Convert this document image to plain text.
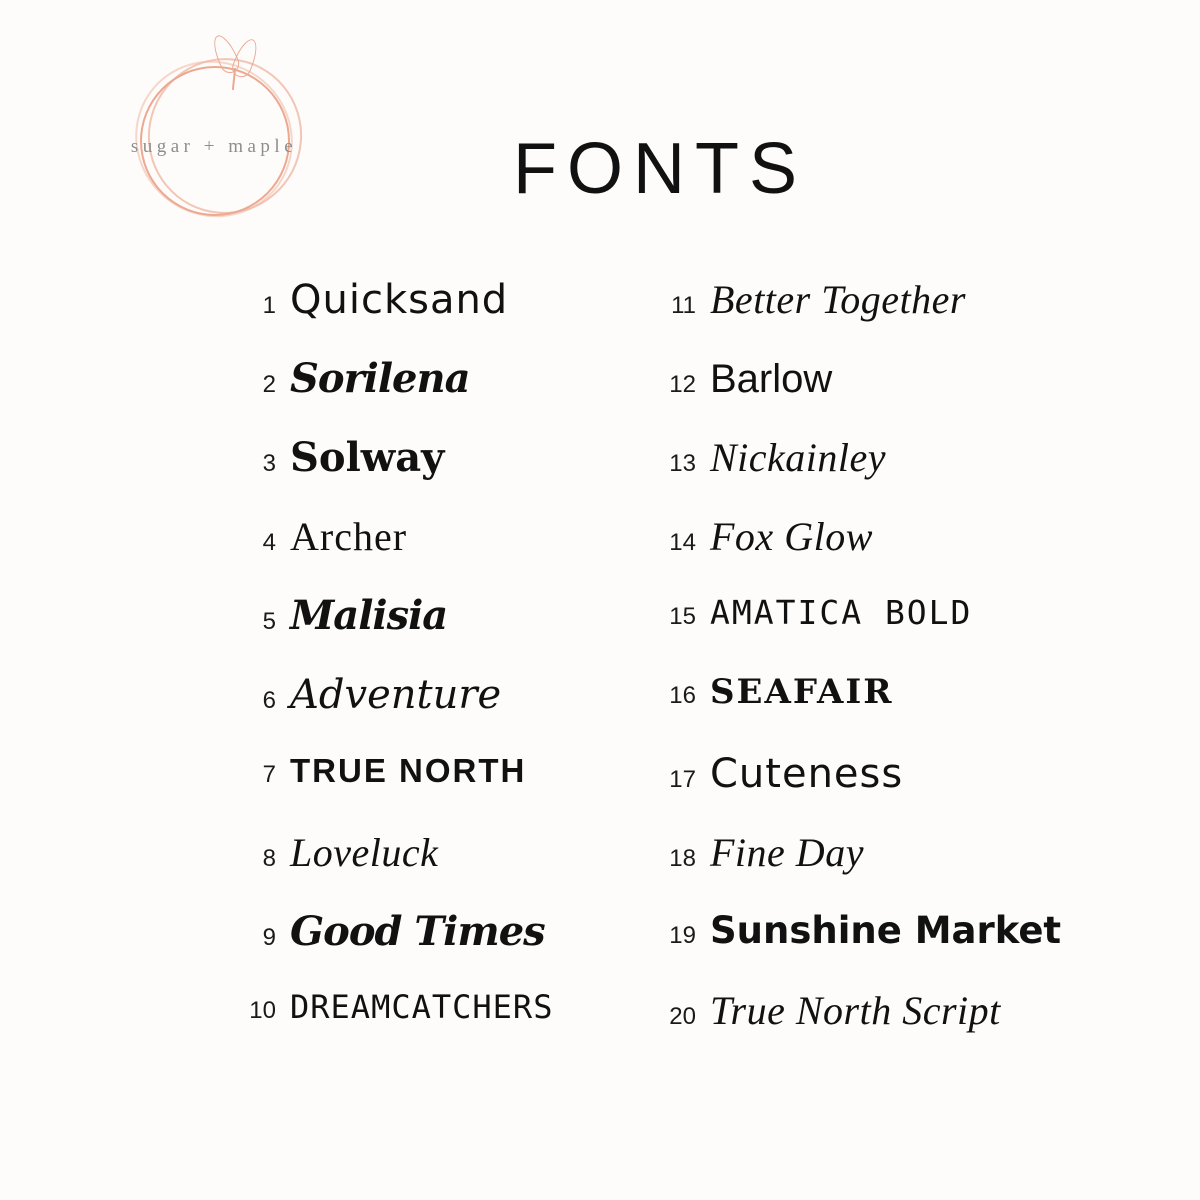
sugar + maple	FONTS
1 Quicksand
2 Sorilena
3 Solway
4 Archer
5 Malisia
6 Adventure
7 TRUE NORTH
8 Loveluck
9 Good Times
10 DREAMCATCHERS
11 Better Together
12 Barlow
13 Nickainley
14 Fox Glow
15 AMATICA BOLD
16 SEAFAIR
17 Cuteness
18 Fine Day
19 Sunshine Market
20 True North Script
